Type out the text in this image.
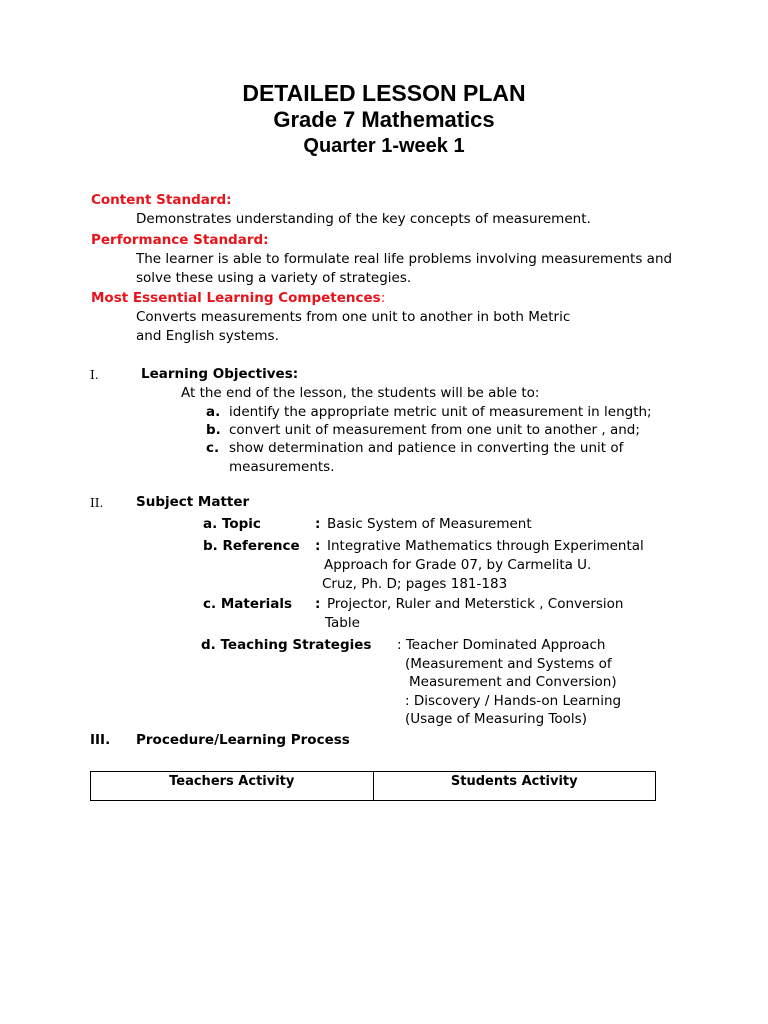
DETAILED LESSON PLAN
Grade 7 Mathematics
Quarter 1-week 1
Content Standard:
Demonstrates understanding of the key concepts of measurement.
Performance Standard:
The learner is able to formulate real life problems involving measurements and
solve these using a variety of strategies.
Most Essential Learning Competences:
Converts measurements from one unit to another in both Metric
and English systems.
I.	Learning Objectives:
At the end of the lesson, the students will be able to:
a. identify the appropriate metric unit of measurement in length;
b. convert unit of measurement from one unit to another , and;
c. show determination and patience in converting the unit of
measurements.
II. Subject Matter
a. Topic	: Basic System of Measurement
b. Reference : Integrative Mathematics through Experimental
Approach for Grade 07, by Carmelita U.
Cruz, Ph. D; pages 181-183
c. Materials : Projector, Ruler and Meterstick , Conversion
Table
d. Teaching Strategies : Teacher Dominated Approach
(Measurement and Systems of
Measurement and Conversion)
: Discovery / Hands-on Learning
(Usage of Measuring Tools)
III. Procedure/Learning Process
Teachers Activity	Students Activity
